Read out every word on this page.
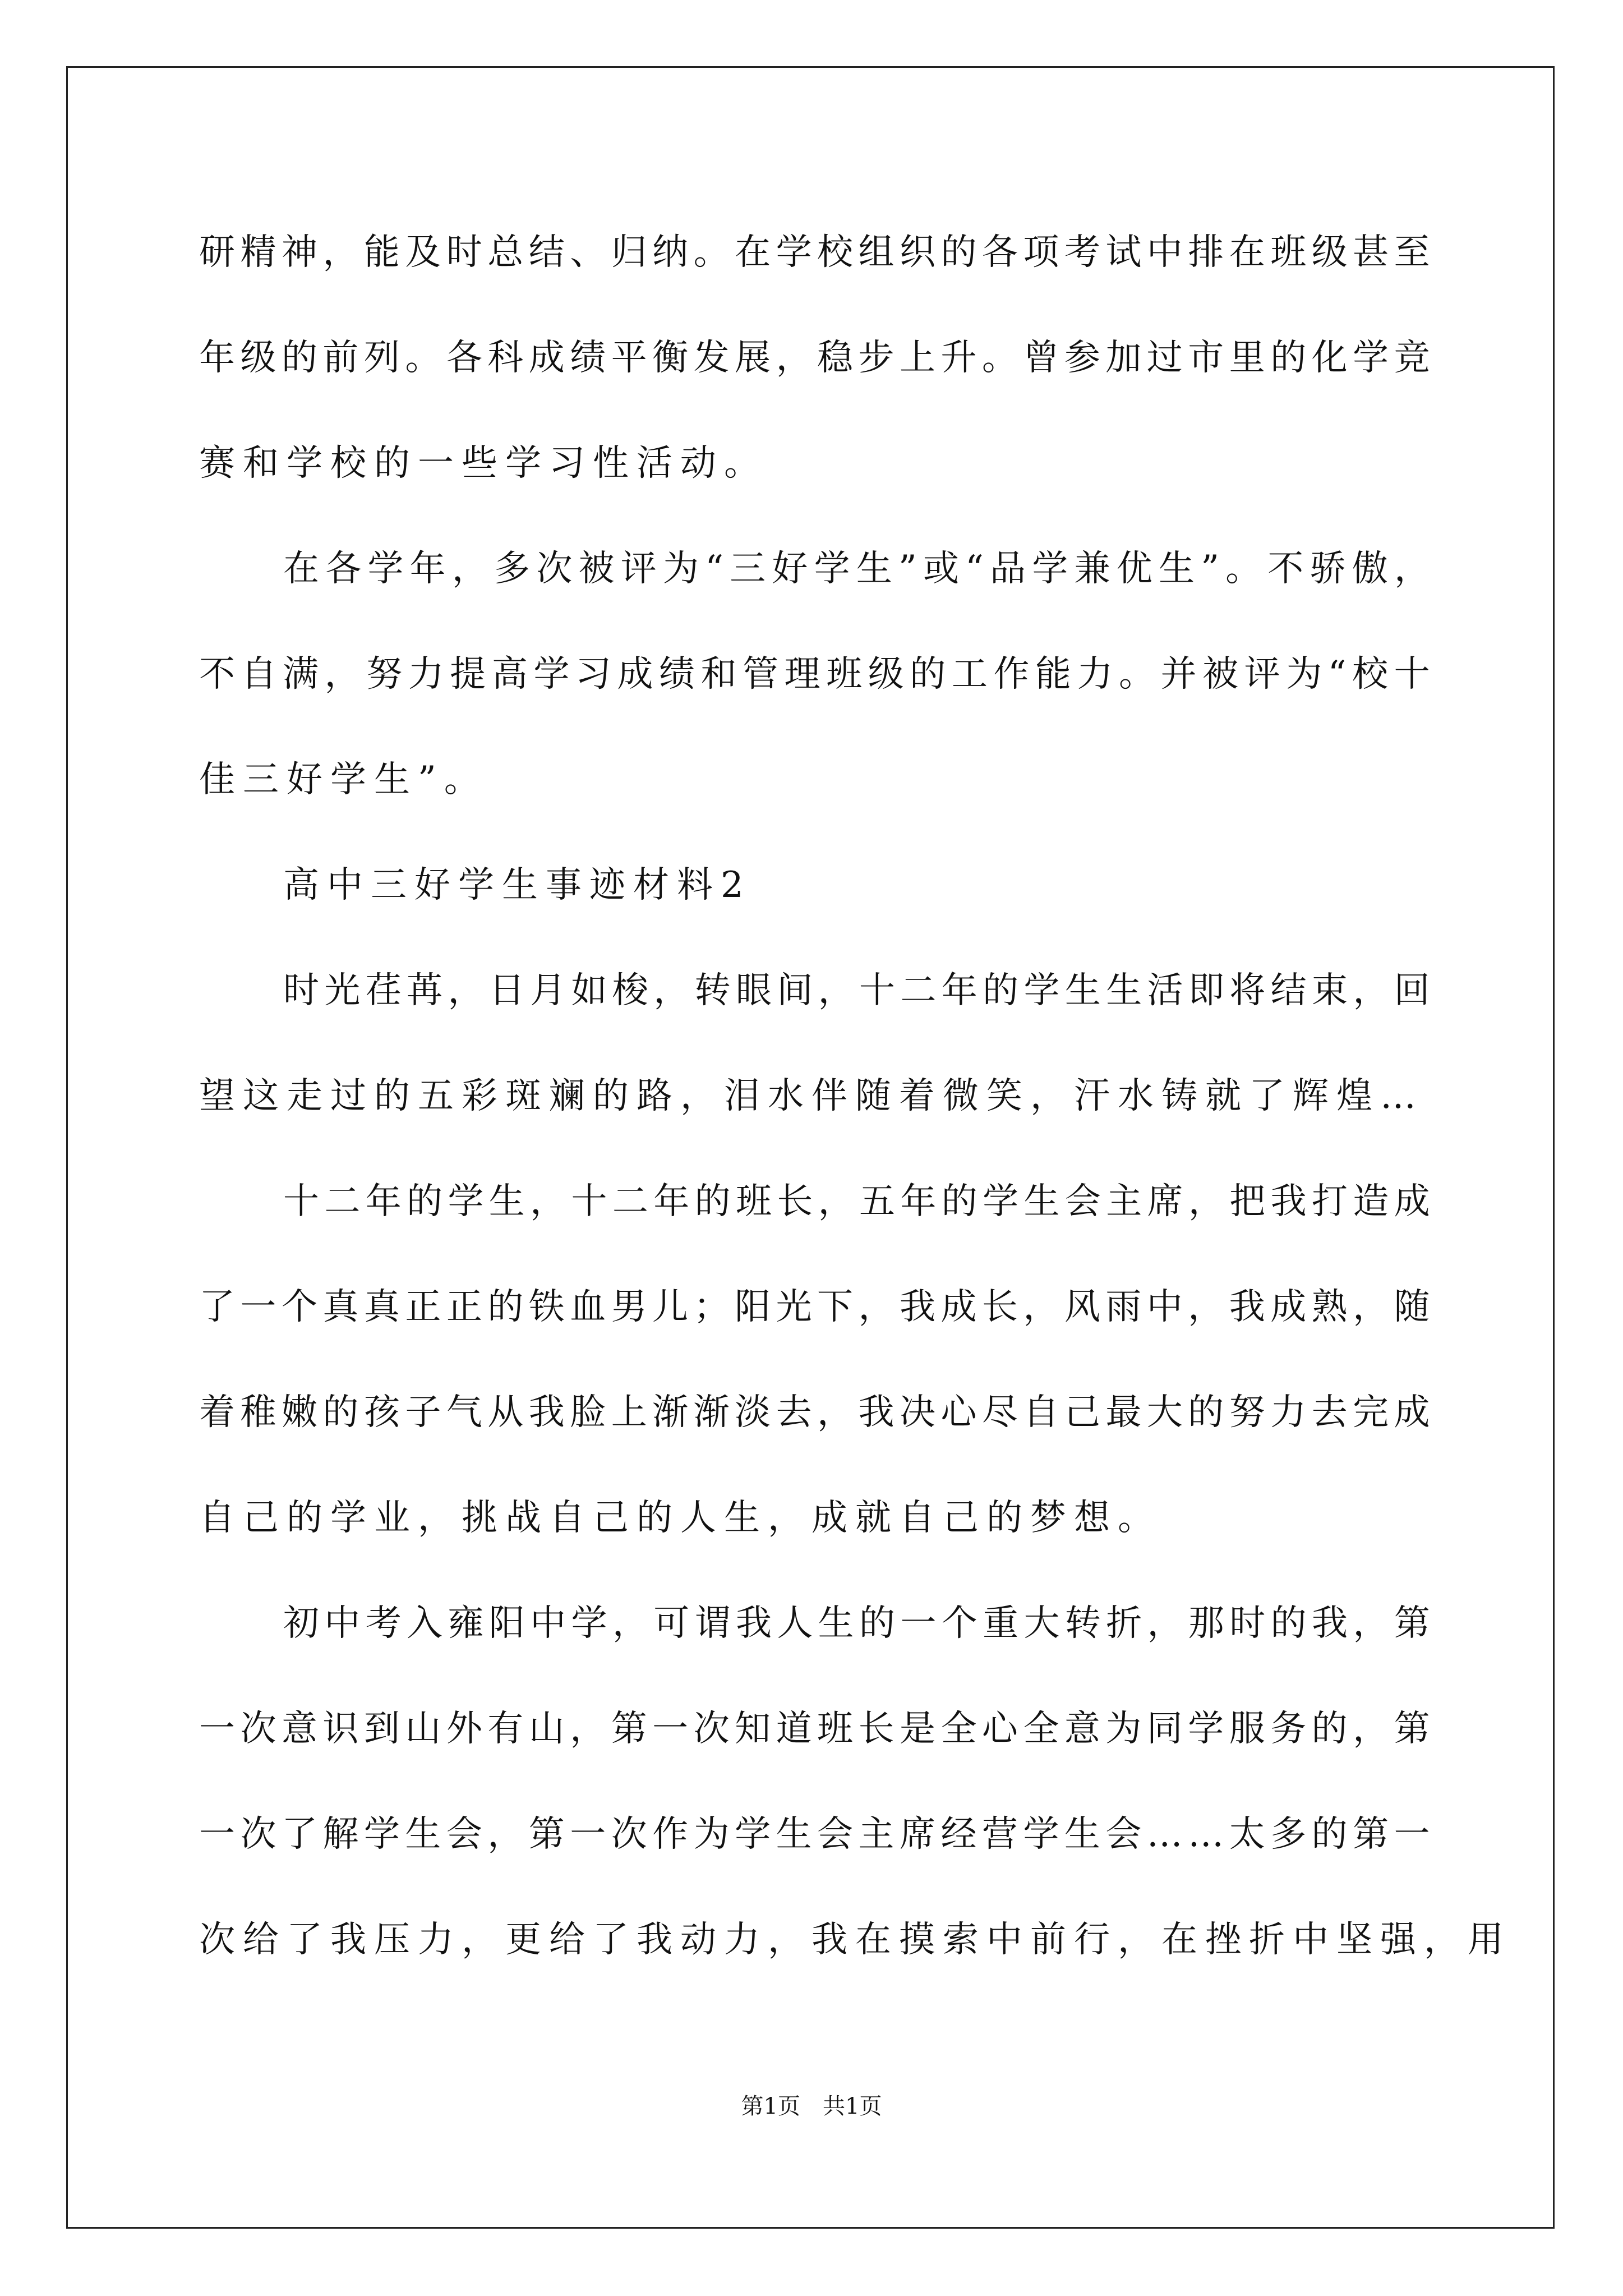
研 精 神 ， 能 及 时 总 结 、 归 纳 。 在 学 校 组 织 的 各 项 考 试 中 排 在 班 级 甚 至
年 级 的 前 列 。 各 科 成 绩 平 衡 发 展 ， 稳 步 上 升 。 曾 参 加 过 市 里 的 化 学 竞
赛和学校的一些学习性活动。
在 各 学 年 ， 多 次 被 评 为 “ 三 好 学 生 ” 或 “ 品 学 兼 优 生 ” 。 不 骄 傲 ，
不 自 满 ， 努 力 提 高 学 习 成 绩 和 管 理 班 级 的 工 作 能 力 。 并 被 评 为 “ 校 十
佳三好学生”。
高中三好学生事迹材料2
时 光 荏 苒 ， 日 月 如 梭 ， 转 眼 间 ， 十 二 年 的 学 生 生 活 即 将 结 束 ， 回
望这走过的五彩斑斓的路，泪水伴随着微笑，汗水铸就了辉煌…
十 二 年 的 学 生 ， 十 二 年 的 班 长 ， 五 年 的 学 生 会 主 席 ， 把 我 打 造 成
了 一 个 真 真 正 正 的 铁 血 男 儿 ； 阳 光 下 ， 我 成 长 ， 风 雨 中 ， 我 成 熟 ， 随
着 稚 嫩 的 孩 子 气 从 我 脸 上 渐 渐 淡 去 ， 我 决 心 尽 自 己 最 大 的 努 力 去 完 成
自己的学业，挑战自己的人生，成就自己的梦想。
初 中 考 入 雍 阳 中 学 ， 可 谓 我 人 生 的 一 个 重 大 转 折 ， 那 时 的 我 ， 第
一 次 意 识 到 山 外 有 山 ， 第 一 次 知 道 班 长 是 全 心 全 意 为 同 学 服 务 的 ， 第
一 次 了 解 学 生 会 ， 第 一 次 作 为 学 生 会 主 席 经 营 学 生 会 … … 太 多 的 第 一
次给了我压力，更给了我动力，我在摸索中前行，在挫折中坚强，用
第1页　共1页
